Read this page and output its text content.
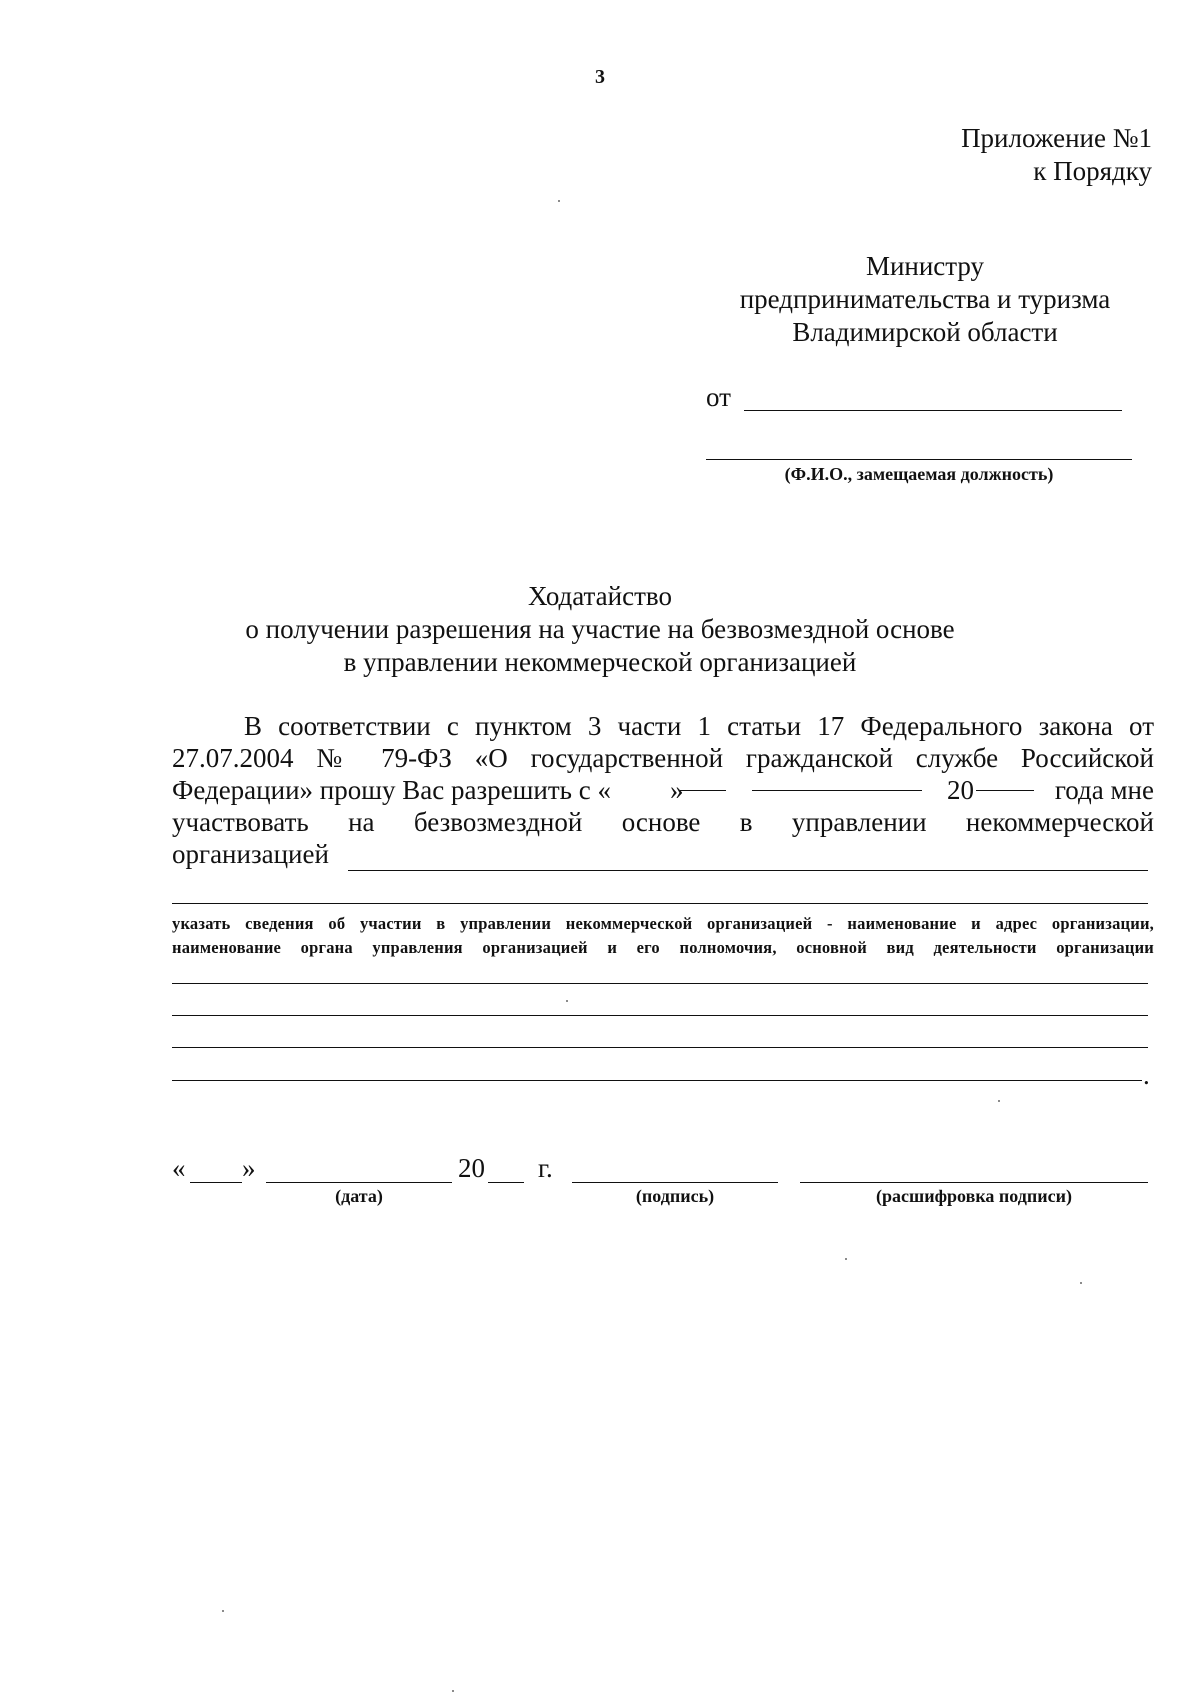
3
Приложение №1
к Порядку
Министру
предпринимательства и туризма
Владимирской области
от
(Ф.И.О., замещаемая должность)
Ходатайство
о получении разрешения на участие на безвозмездной основе
в управлении некоммерческой организацией
В соответствии с пунктом 3 части 1 статьи 17 Федерального закона от
27.07.2004 № 79-ФЗ «О государственной гражданской службе Российской
Федерации» прошу Вас разрешить с « »	20	года мне
участвовать на безвозмездной основе в управлении некоммерческой
организацией
указать сведения об участии в управлении некоммерческой организацией - наименование и адрес организации,
наименование органа управления организацией и его полномочия, основной вид деятельности организации
.
« »	20 г.
(дата)	(подпись)	(расшифровка подписи)
